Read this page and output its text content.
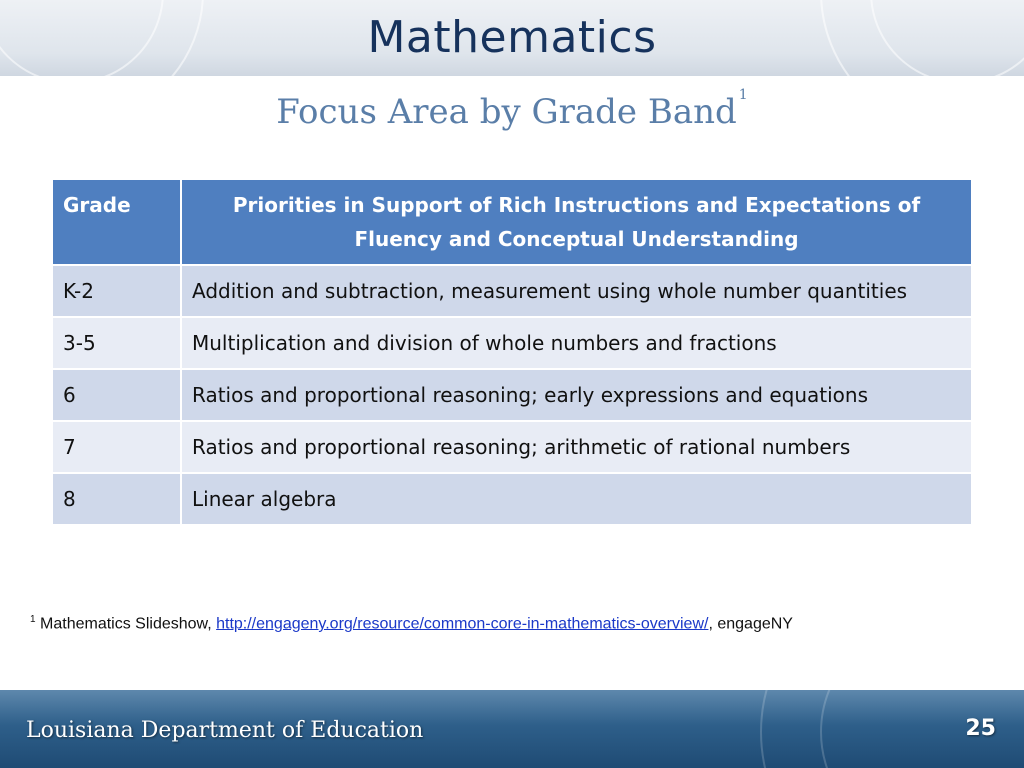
Mathematics
Focus Area by Grade Band 1
Grade	Priorities in Support of Rich Instructions and Expectations of Fluency and Conceptual Understanding
K-2	Addition and subtraction, measurement using whole number quantities
3-5	Multiplication and division of whole numbers and fractions
6	Ratios and proportional reasoning; early expressions and equations
7	Ratios and proportional reasoning; arithmetic of rational numbers
8	Linear algebra
$^1$ Mathematics Slideshow, http://engageny.org/resource/common-core-in-mathematics-overview/, engageNY
Louisiana Department of Education	25
